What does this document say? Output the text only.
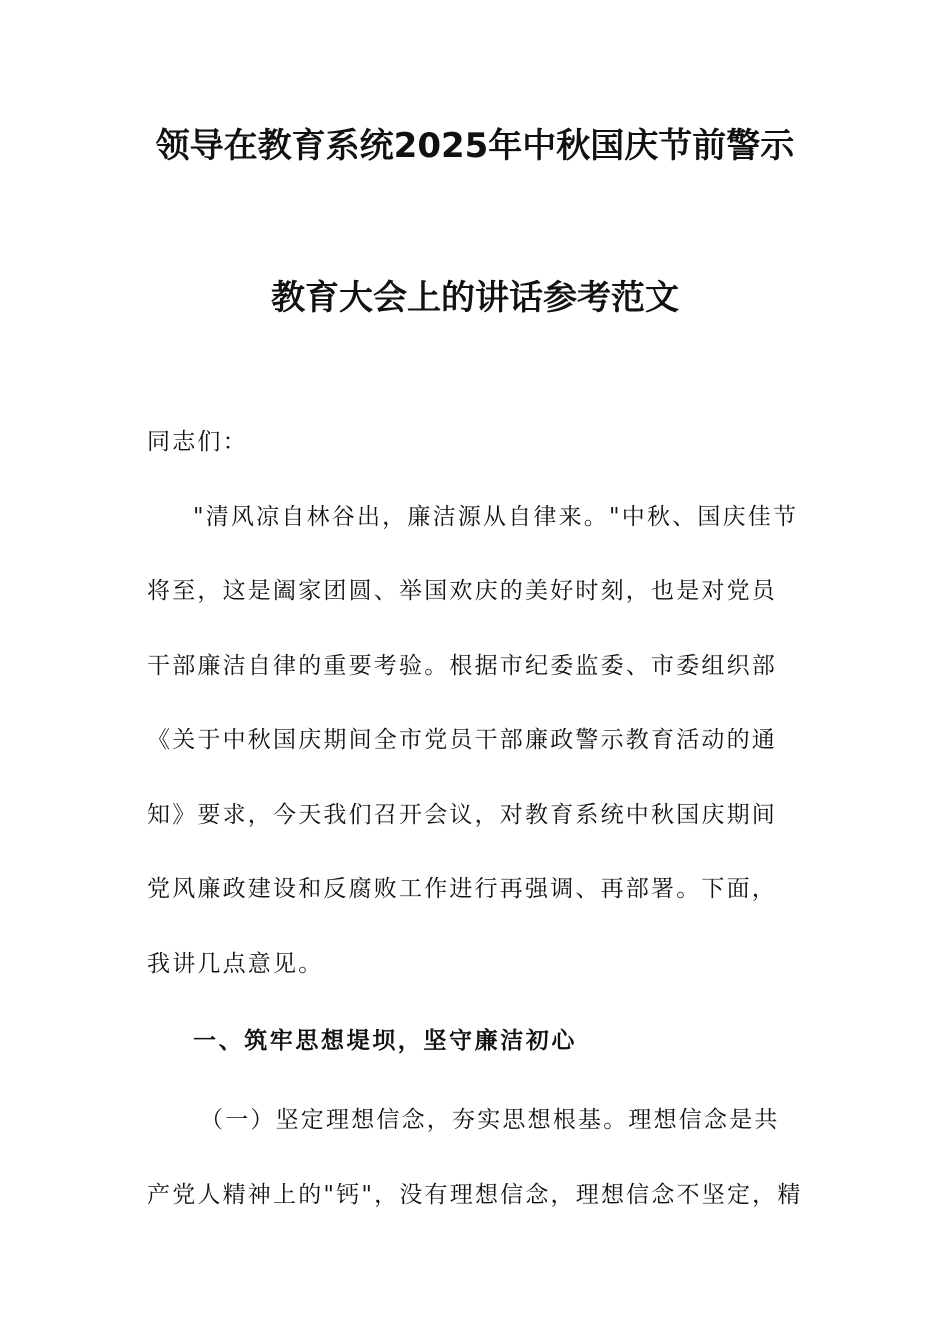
领导在教育系统2025年中秋国庆节前警示
教育大会上的讲话参考范文
同志们：
"清风凉自林谷出，廉洁源从自律来。"中秋、国庆佳节
将至，这是阖家团圆、举国欢庆的美好时刻，也是对党员
干部廉洁自律的重要考验。根据市纪委监委、市委组织部
《关于中秋国庆期间全市党员干部廉政警示教育活动的通
知》要求，今天我们召开会议，对教育系统中秋国庆期间
党风廉政建设和反腐败工作进行再强调、再部署。下面，
我讲几点意见。
一、筑牢思想堤坝，坚守廉洁初心
（一）坚定理想信念，夯实思想根基。理想信念是共
产党人精神上的"钙"，没有理想信念，理想信念不坚定，精
